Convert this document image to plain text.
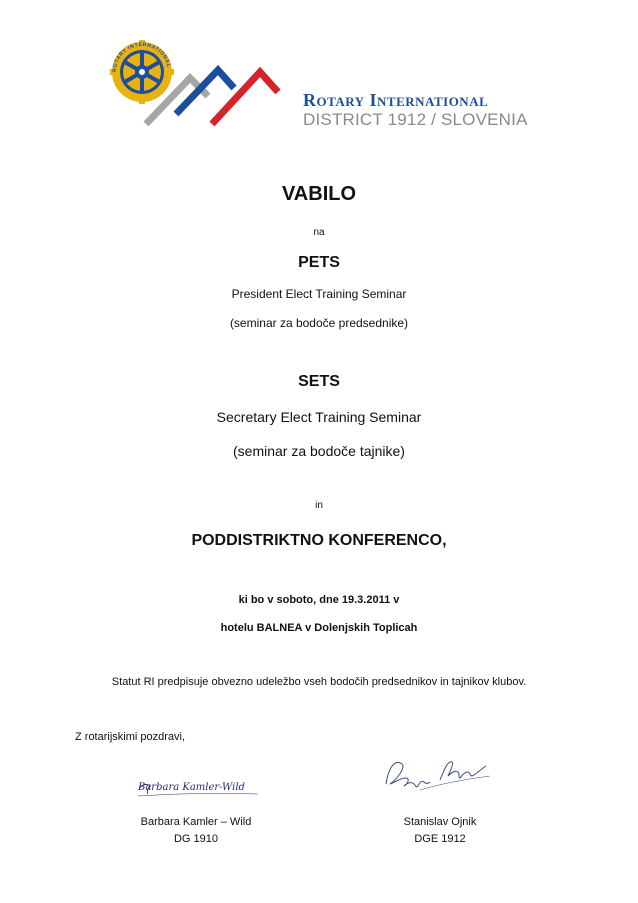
ROTARY INTERNATIONAL
Rotary International
DISTRICT 1912 / SLOVENIA
VABILO
na
PETS
President Elect Training Seminar
(seminar za bodoče predsednike)
SETS
Secretary Elect Training Seminar
(seminar za bodoče tajnike)
in
PODDISTRIKTNO KONFERENCO,
ki bo v soboto, dne 19.3.2011 v
hotelu BALNEA v Dolenjskih Toplicah
Statut RI predpisuje obvezno udeležbo vseh bodočih predsednikov in tajnikov klubov.
Z rotarijskimi pozdravi,
Barbara Kamler-Wild
Barbara Kamler – Wild
DG 1910
Stanislav Ojnik
DGE 1912
